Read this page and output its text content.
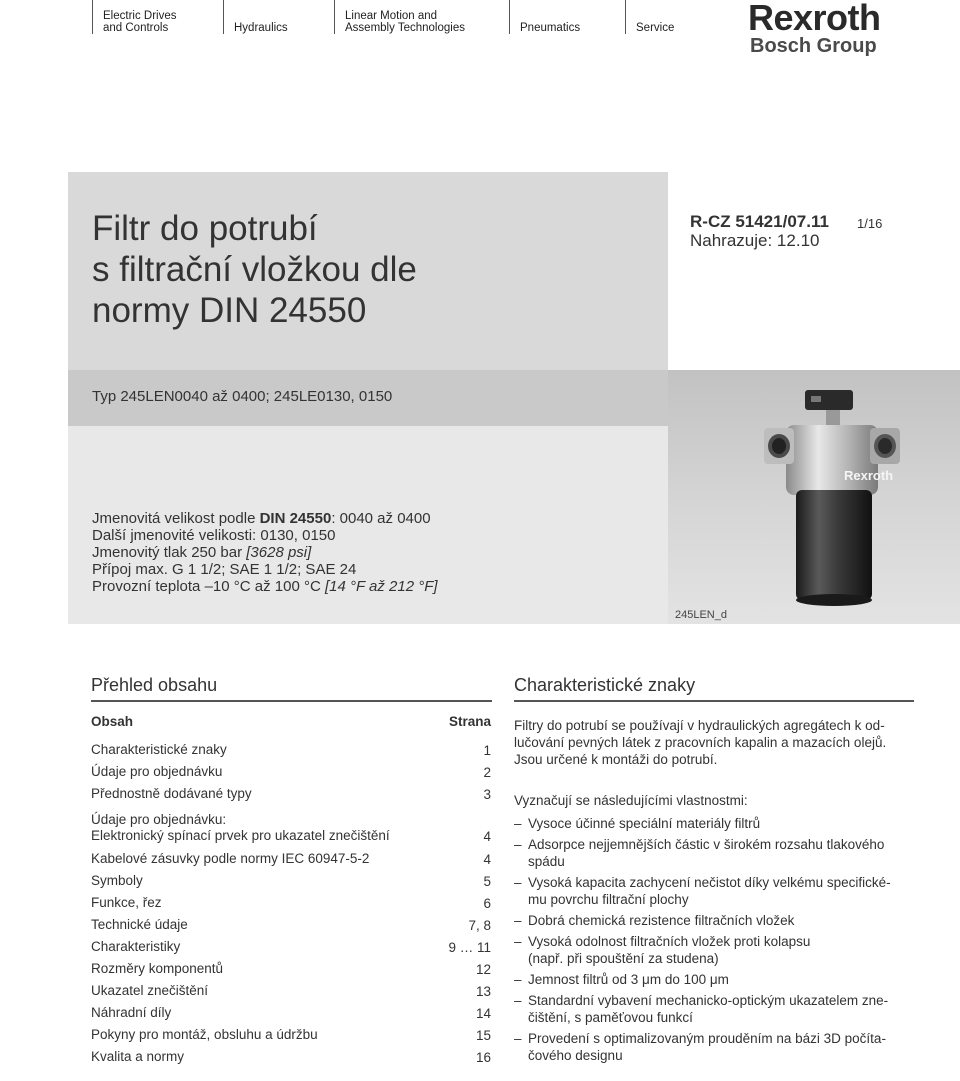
Electric Drives
and Controls	Hydraulics
Linear Motion and
Assembly Technologies	Pneumatics	Service Rexroth
Bosch Group
Filtr do potrubí
s filtrační vložkou dle
normy DIN 24550
R-CZ 51421/07.11
Nahrazuje: 12.10
1/16
Typ 245LEN0040 až 0400; 245LE0130, 0150
Jmenovitá velikost podle DIN 24550: 0040 až 0400
Další jmenovité velikosti: 0130, 0150
Jmenovitý tlak 250 bar [3628 psi]
Přípoj max. G 1 1/2; SAE 1 1/2; SAE 24
Provozní teplota –10 °C až 100 °C [14 °F až 212 °F]
Rexroth
245LEN_d
Přehled obsahu
Obsah	Strana
Charakteristické znaky	1
Údaje pro objednávku	2
Přednostně dodávané typy	3
Údaje pro objednávku:
Elektronický spínací prvek pro ukazatel znečištění	4
Kabelové zásuvky podle normy IEC 60947-5-2	4
Symboly	5
Funkce, řez	6
Technické údaje	7, 8
Charakteristiky	9 … 11
Rozměry komponentů	12
Ukazatel znečištění	13
Náhradní díly	14
Pokyny pro montáž, obsluhu a údržbu	15
Kvalita a normy	16
Charakteristické znaky

Filtry do potrubí se používají v hydraulických agregátech k od-
lučování pevných látek z pracovních kapalin a mazacích olejů.
Jsou určené k montáži do potrubí.

Vyznačují se následujícími vlastnostmi:

– Vysoce účinné speciální materiály filtrů
– Adsorpce nejjemnějších částic v širokém rozsahu tlakového
spádu
– Vysoká kapacita zachycení nečistot díky velkému specifické-
mu povrchu filtrační plochy
– Dobrá chemická rezistence filtračních vložek
– Vysoká odolnost filtračních vložek proti kolapsu
(např. při spouštění za studena)
– Jemnost filtrů od 3 μm do 100 μm
– Standardní vybavení mechanicko-optickým ukazatelem zne-
čištění, s paměťovou funkcí
– Provedení s optimalizovaným prouděním na bázi 3D počíta-
čového designu
